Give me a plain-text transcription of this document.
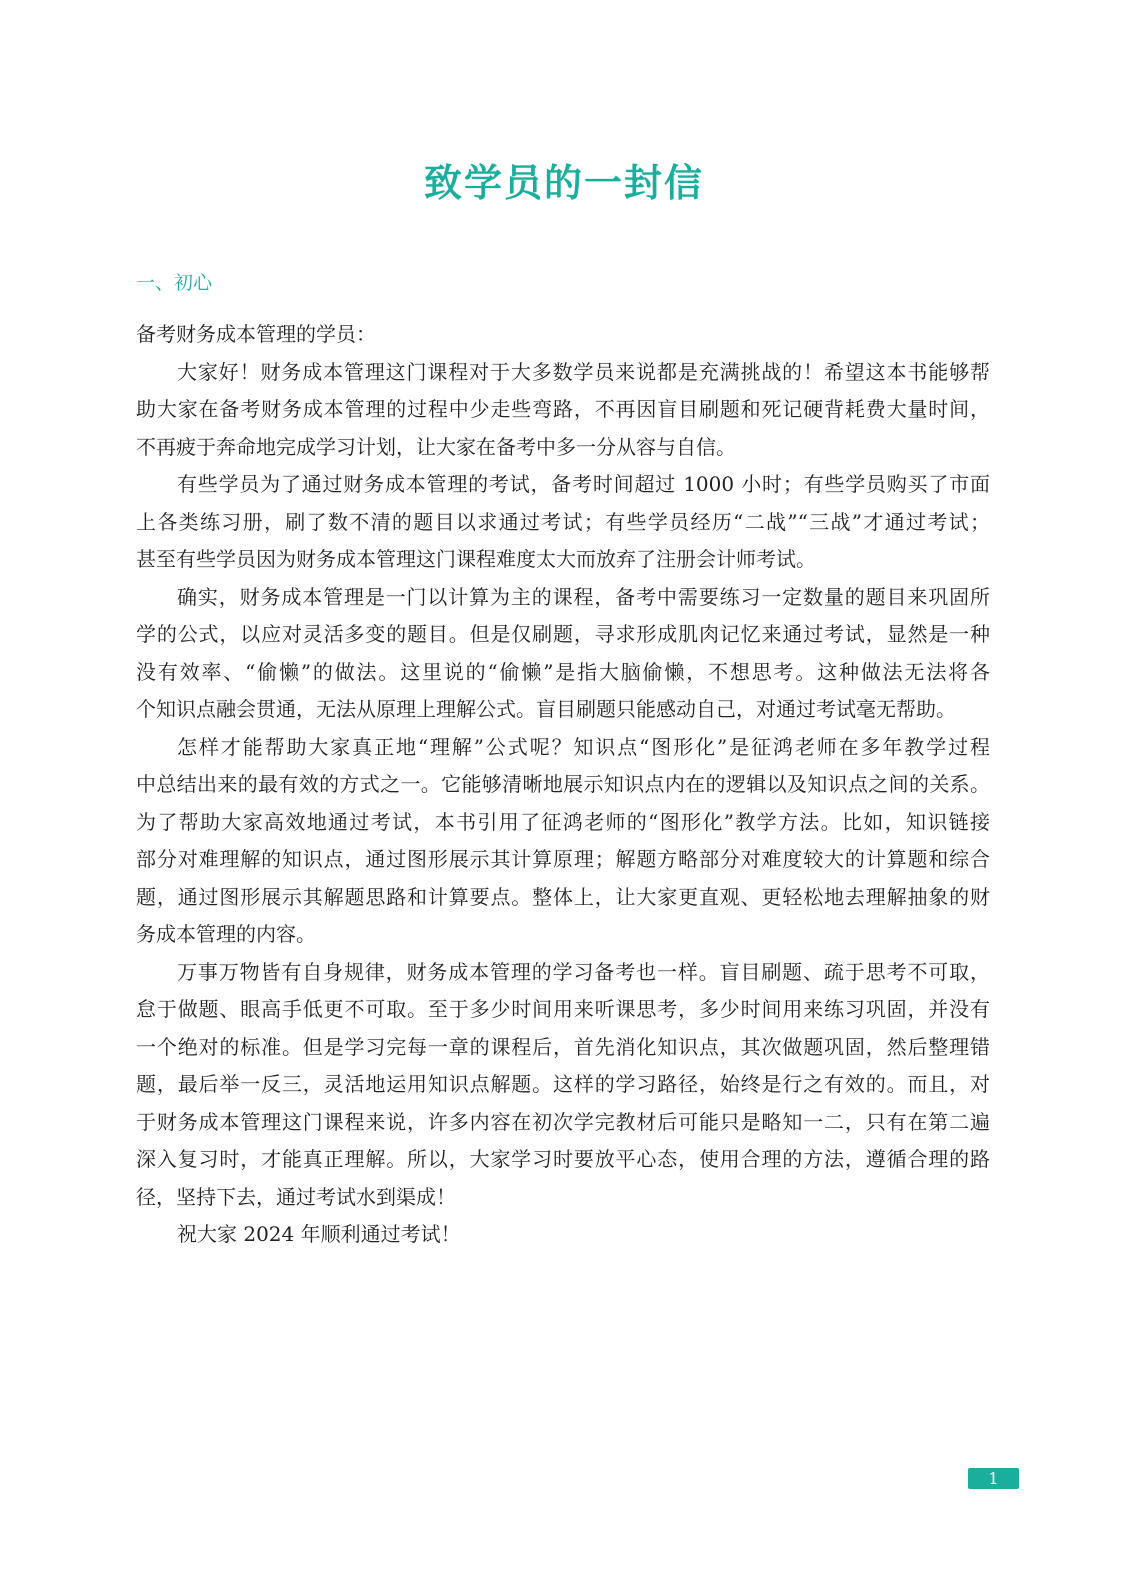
致学员的一封信
一、初心
备考财务成本管理的学员：
大家好！财务成本管理这门课程对于大多数学员来说都是充满挑战的！希望这本书能够帮
助大家在备考财务成本管理的过程中少走些弯路，不再因盲目刷题和死记硬背耗费大量时间，
不再疲于奔命地完成学习计划，让大家在备考中多一分从容与自信。
有些学员为了通过财务成本管理的考试，备考时间超过 1000 小时；有些学员购买了市面
上各类练习册，刷了数不清的题目以求通过考试；有些学员经历“二战”“三战”才通过考试；
甚至有些学员因为财务成本管理这门课程难度太大而放弃了注册会计师考试。
确实，财务成本管理是一门以计算为主的课程，备考中需要练习一定数量的题目来巩固所
学的公式，以应对灵活多变的题目。但是仅刷题，寻求形成肌肉记忆来通过考试，显然是一种
没有效率、“偷懒”的做法。这里说的“偷懒”是指大脑偷懒，不想思考。这种做法无法将各
个知识点融会贯通，无法从原理上理解公式。盲目刷题只能感动自己，对通过考试毫无帮助。
怎样才能帮助大家真正地“理解”公式呢？知识点“图形化”是征鸿老师在多年教学过程
中总结出来的最有效的方式之一。它能够清晰地展示知识点内在的逻辑以及知识点之间的关系。
为了帮助大家高效地通过考试，本书引用了征鸿老师的“图形化”教学方法。比如，知识链接
部分对难理解的知识点，通过图形展示其计算原理；解题方略部分对难度较大的计算题和综合
题，通过图形展示其解题思路和计算要点。整体上，让大家更直观、更轻松地去理解抽象的财
务成本管理的内容。
万事万物皆有自身规律，财务成本管理的学习备考也一样。盲目刷题、疏于思考不可取，
怠于做题、眼高手低更不可取。至于多少时间用来听课思考，多少时间用来练习巩固，并没有
一个绝对的标准。但是学习完每一章的课程后，首先消化知识点，其次做题巩固，然后整理错
题，最后举一反三，灵活地运用知识点解题。这样的学习路径，始终是行之有效的。而且，对
于财务成本管理这门课程来说，许多内容在初次学完教材后可能只是略知一二，只有在第二遍
深入复习时，才能真正理解。所以，大家学习时要放平心态，使用合理的方法，遵循合理的路
径，坚持下去，通过考试水到渠成！
祝大家 2024 年顺利通过考试！
1
